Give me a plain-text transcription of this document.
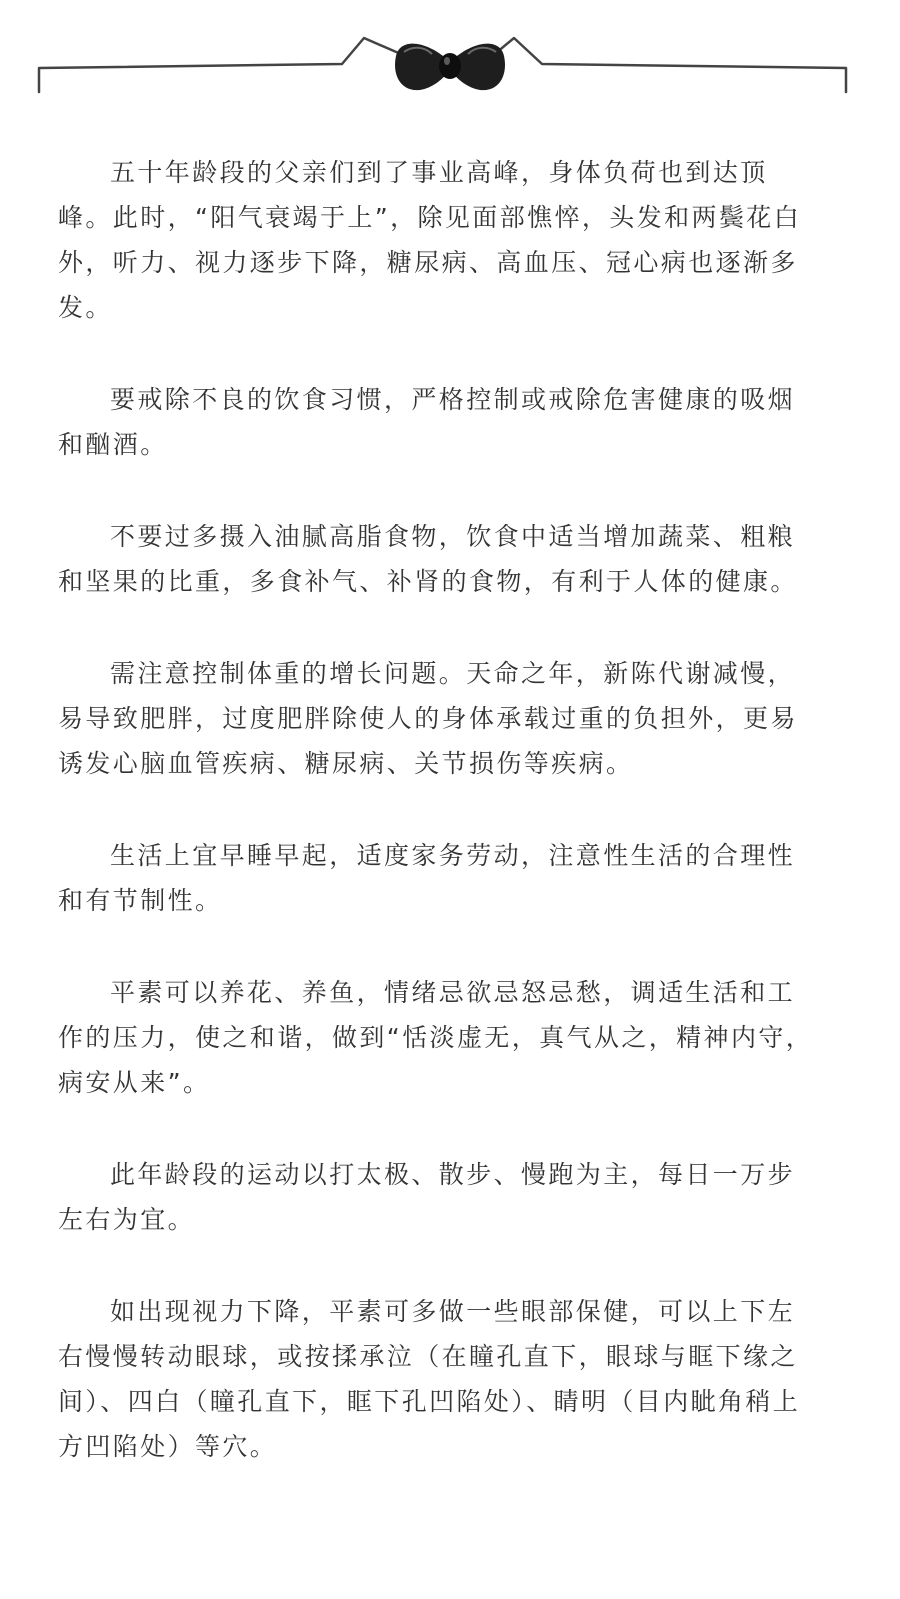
五十年龄段的父亲们到了事业高峰，身体负荷也到达顶峰。此时，“阳气衰竭于上”，除见面部憔悴，头发和两鬓花白外，听力、视力逐步下降，糖尿病、高血压、冠心病也逐渐多发。

要戒除不良的饮食习惯，严格控制或戒除危害健康的吸烟和酗酒。

不要过多摄入油腻高脂食物，饮食中适当增加蔬菜、粗粮和坚果的比重，多食补气、补肾的食物，有利于人体的健康。

需注意控制体重的增长问题。天命之年，新陈代谢减慢，易导致肥胖，过度肥胖除使人的身体承载过重的负担外，更易诱发心脑血管疾病、糖尿病、关节损伤等疾病。

生活上宜早睡早起，适度家务劳动，注意性生活的合理性和有节制性。

平素可以养花、养鱼，情绪忌欲忌怒忌愁，调适生活和工作的压力，使之和谐，做到“恬淡虚无，真气从之，精神内守，病安从来”。

此年龄段的运动以打太极、散步、慢跑为主，每日一万步左右为宜。

如出现视力下降，平素可多做一些眼部保健，可以上下左右慢慢转动眼球，或按揉承泣（在瞳孔直下，眼球与眶下缘之间）、四白（瞳孔直下，眶下孔凹陷处）、睛明（目内眦角稍上方凹陷处）等穴。
